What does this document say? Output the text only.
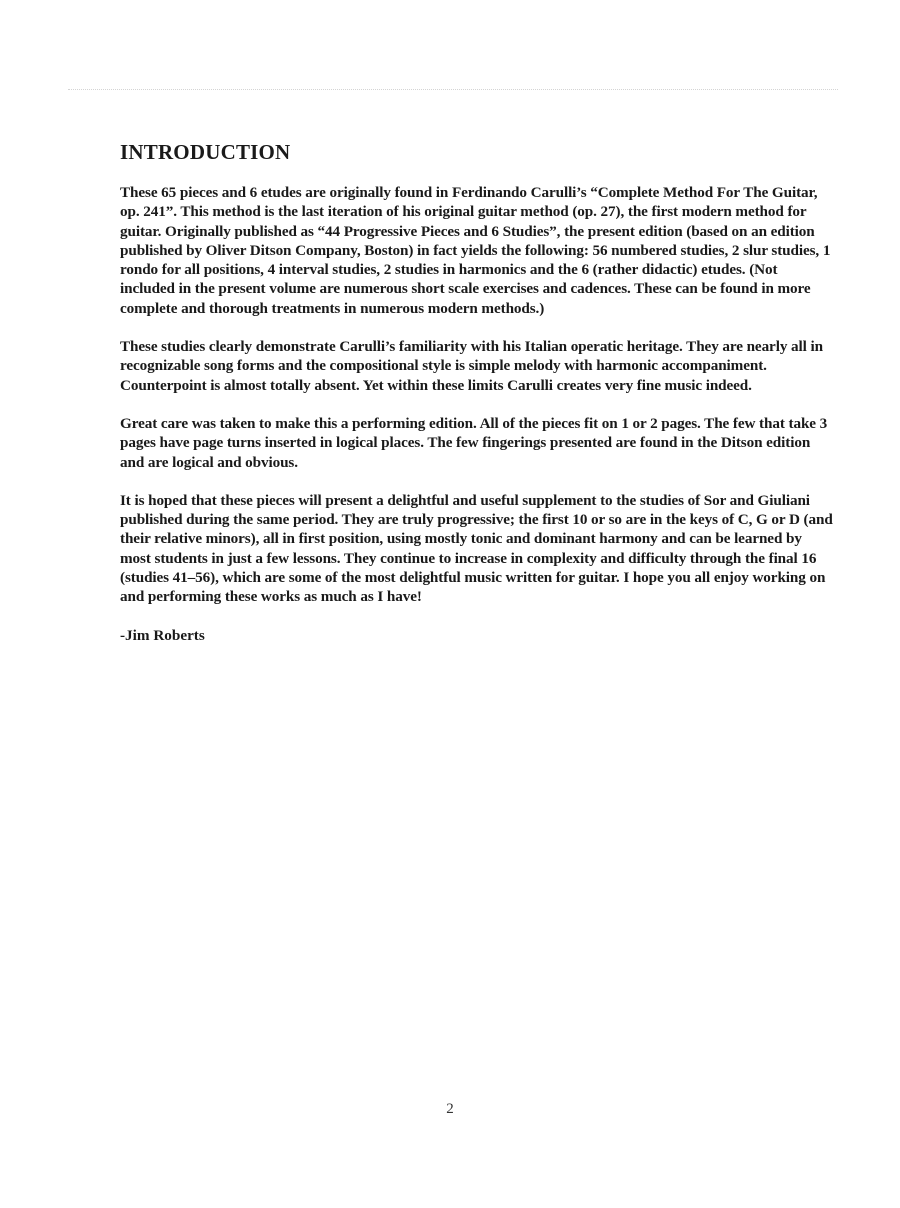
INTRODUCTION

These 65 pieces and 6 etudes are originally found in Ferdinando Carulli’s “Complete Method For The Guitar, op. 241”. This method is the last iteration of his original guitar method (op. 27), the first modern method for guitar. Originally published as “44 Progressive Pieces and 6 Studies”, the present edition (based on an edition published by Oliver Ditson Company, Boston) in fact yields the following: 56 numbered studies, 2 slur studies, 1 rondo for all positions, 4 interval studies, 2 studies in harmonics and the 6 (rather didactic) etudes. (Not included in the present volume are numerous short scale exercises and cadences. These can be found in more complete and thorough treatments in numerous modern methods.)

These studies clearly demonstrate Carulli’s familiarity with his Italian operatic heritage. They are nearly all in recognizable song forms and the compositional style is simple melody with harmonic accompaniment. Counterpoint is almost totally absent. Yet within these limits Carulli creates very fine music indeed.

Great care was taken to make this a performing edition. All of the pieces fit on 1 or 2 pages. The few that take 3 pages have page turns inserted in logical places. The few fingerings presented are found in the Ditson edition and are logical and obvious.

It is hoped that these pieces will present a delightful and useful supplement to the studies of Sor and Giuliani published during the same period. They are truly progressive; the first 10 or so are in the keys of C, G or D (and their relative minors), all in first position, using mostly tonic and dominant harmony and can be learned by most students in just a few lessons. They continue to increase in complexity and difficulty through the final 16 (studies 41–56), which are some of the most delightful music written for guitar. I hope you all enjoy working on and performing these works as much as I have!

-Jim Roberts

2
